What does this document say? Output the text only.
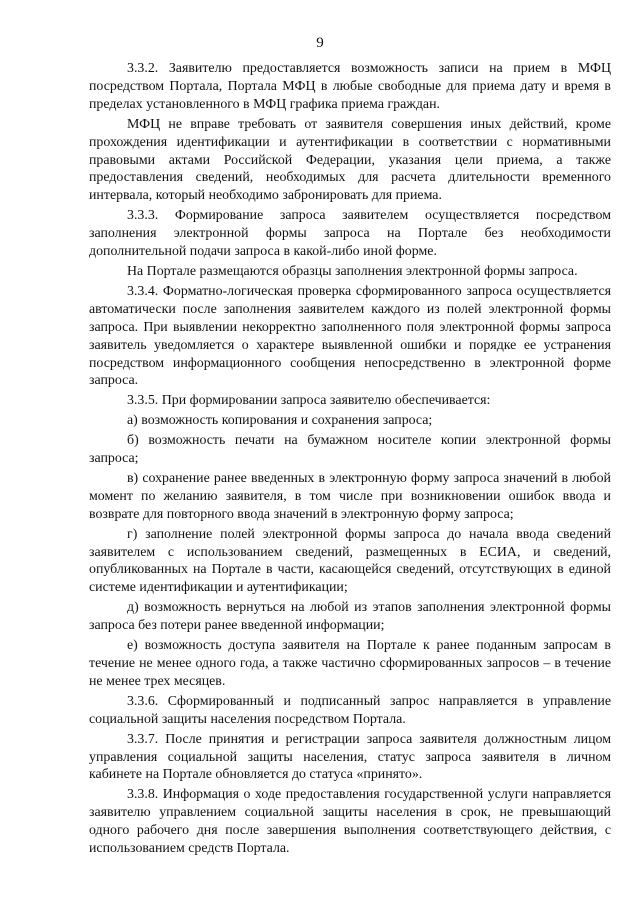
9

3.3.2. Заявителю предоставляется возможность записи на прием в МФЦ посредством Портала, Портала МФЦ в любые свободные для приема дату и время в пределах установленного в МФЦ графика приема граждан.

МФЦ не вправе требовать от заявителя совершения иных действий, кроме прохождения идентификации и аутентификации в соответствии с нормативными правовыми актами Российской Федерации, указания цели приема, а также предоставления сведений, необходимых для расчета длительности временного интервала, который необходимо забронировать для приема.

3.3.3. Формирование запроса заявителем осуществляется посредством заполнения электронной формы запроса на Портале без необходимости дополнительной подачи запроса в какой-либо иной форме.

На Портале размещаются образцы заполнения электронной формы запроса.

3.3.4. Форматно-логическая проверка сформированного запроса осуществляется автоматически после заполнения заявителем каждого из полей электронной формы запроса. При выявлении некорректно заполненного поля электронной формы запроса заявитель уведомляется о характере выявленной ошибки и порядке ее устранения посредством информационного сообщения непосредственно в электронной форме запроса.

3.3.5. При формировании запроса заявителю обеспечивается:

а) возможность копирования и сохранения запроса;

б) возможность печати на бумажном носителе копии электронной формы запроса;

в) сохранение ранее введенных в электронную форму запроса значений в любой момент по желанию заявителя, в том числе при возникновении ошибок ввода и возврате для повторного ввода значений в электронную форму запроса;

г) заполнение полей электронной формы запроса до начала ввода сведений заявителем с использованием сведений, размещенных в ЕСИА, и сведений, опубликованных на Портале в части, касающейся сведений, отсутствующих в единой системе идентификации и аутентификации;

д) возможность вернуться на любой из этапов заполнения электронной формы запроса без потери ранее введенной информации;

е) возможность доступа заявителя на Портале к ранее поданным запросам в течение не менее одного года, а также частично сформированных запросов – в течение не менее трех месяцев.

3.3.6. Сформированный и подписанный запрос направляется в управление социальной защиты населения посредством Портала.

3.3.7. После принятия и регистрации запроса заявителя должностным лицом управления социальной защиты населения, статус запроса заявителя в личном кабинете на Портале обновляется до статуса «принято».

3.3.8. Информация о ходе предоставления государственной услуги направляется заявителю управлением социальной защиты населения в срок, не превышающий одного рабочего дня после завершения выполнения соответствующего действия, с использованием средств Портала.
